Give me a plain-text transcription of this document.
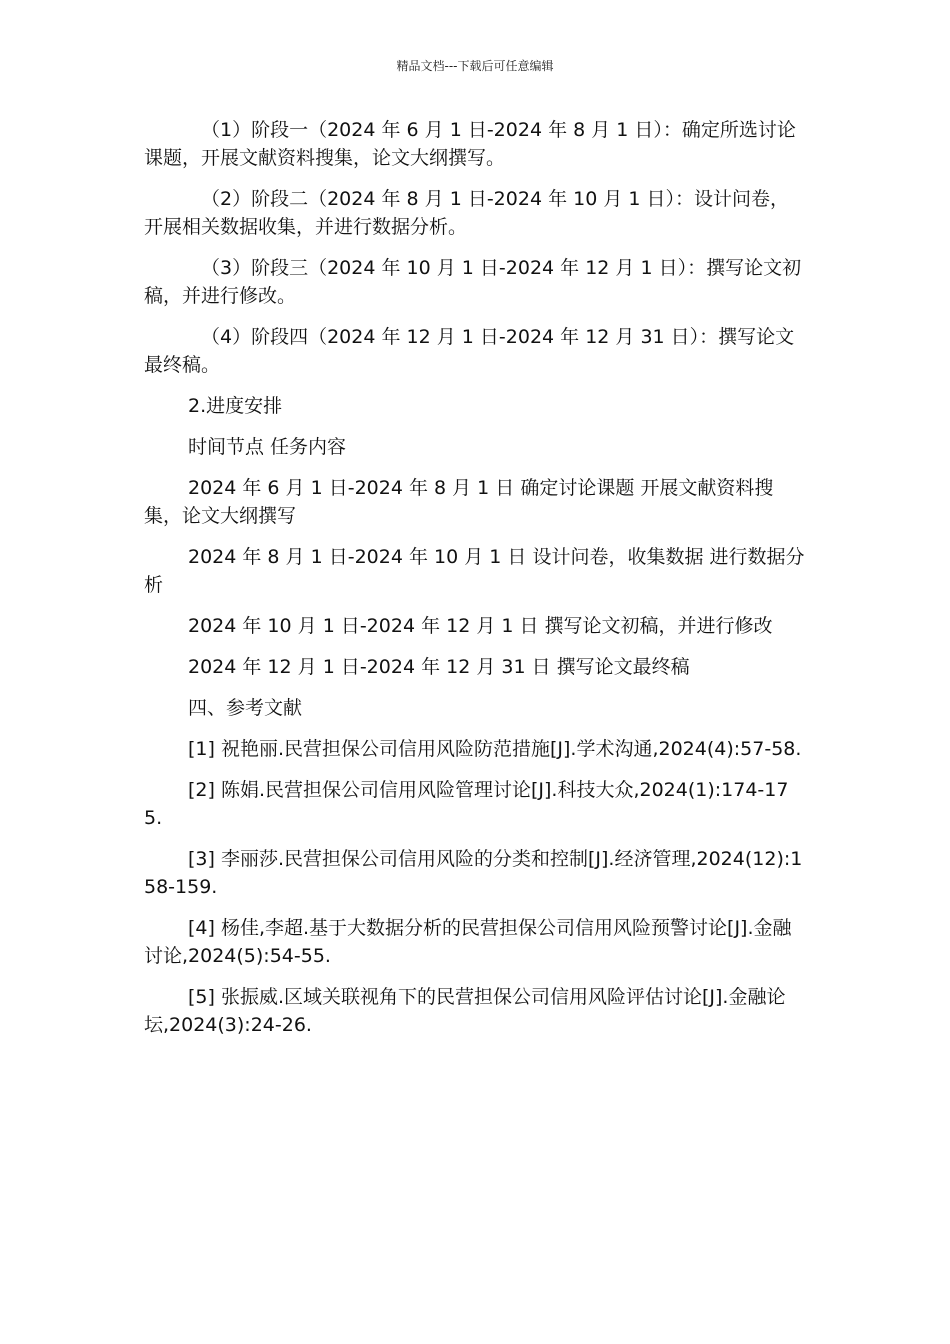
精品文档---下载后可任意编辑

（1）阶段一（2024 年 6 月 1 日-2024 年 8 月 1 日）：确定所选讨论课题，开展文献资料搜集，论文大纲撰写。

（2）阶段二（2024 年 8 月 1 日-2024 年 10 月 1 日）：设计问卷，开展相关数据收集，并进行数据分析。

（3）阶段三（2024 年 10 月 1 日-2024 年 12 月 1 日）：撰写论文初稿，并进行修改。

（4）阶段四（2024 年 12 月 1 日-2024 年 12 月 31 日）：撰写论文最终稿。

2.进度安排

时间节点 任务内容

2024 年 6 月 1 日-2024 年 8 月 1 日 确定讨论课题 开展文献资料搜集，论文大纲撰写

2024 年 8 月 1 日-2024 年 10 月 1 日 设计问卷，收集数据 进行数据分析

2024 年 10 月 1 日-2024 年 12 月 1 日 撰写论文初稿，并进行修改

2024 年 12 月 1 日-2024 年 12 月 31 日 撰写论文最终稿

四、参考文献

[1] 祝艳丽.民营担保公司信用风险防范措施[J].学术沟通,2024(4):57-58.

[2] 陈娟.民营担保公司信用风险管理讨论[J].科技大众,2024(1):174-175.

[3] 李丽莎.民营担保公司信用风险的分类和控制[J].经济管理,2024(12):158-159.

[4] 杨佳,李超.基于大数据分析的民营担保公司信用风险预警讨论[J].金融讨论,2024(5):54-55.

[5] 张振威.区域关联视角下的民营担保公司信用风险评估讨论[J].金融论坛,2024(3):24-26.
